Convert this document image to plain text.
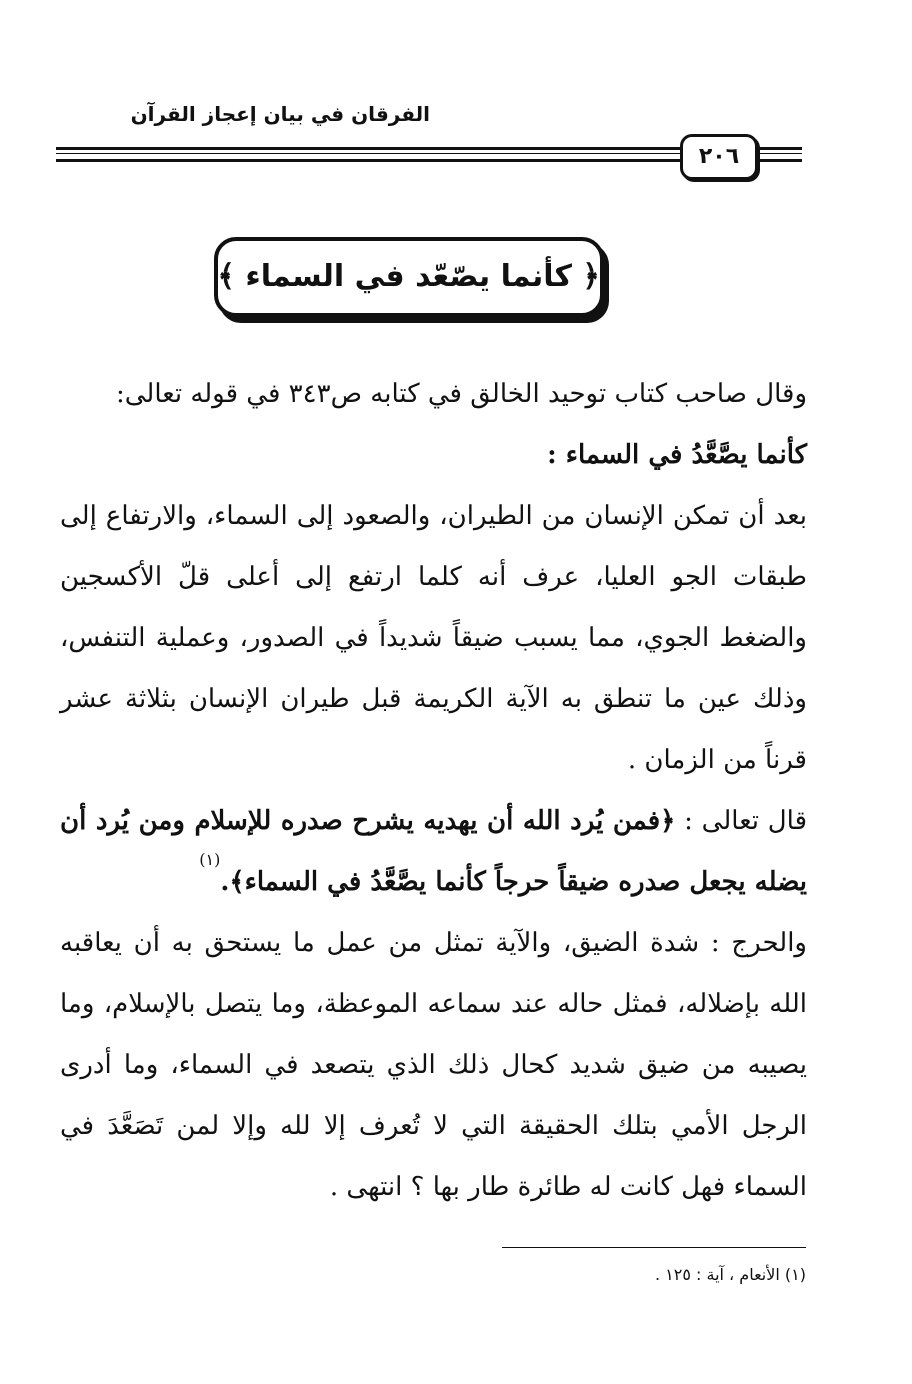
الفرقان في بيان إعجاز القرآن
٢٠٦
﴿ كأنما يصّعّد في السماء ﴾

وقال صاحب كتاب توحيد الخالق في كتابه ص٣٤٣ في قوله تعالى:

كأنما يصَّعَّدُ في السماء :

بعد أن تمكن الإنسان من الطيران، والصعود إلى السماء، والارتفاع إلى طبقات الجو العليا، عرف أنه كلما ارتفع إلى أعلى قلّ الأكسجين والضغط الجوي، مما يسبب ضيقاً شديداً في الصدور، وعملية التنفس، وذلك عين ما تنطق به الآية الكريمة قبل طيران الإنسان بثلاثة عشر قرناً من الزمان .

قال تعالى : ﴿فمن يُرد الله أن يهديه يشرح صدره للإسلام ومن يُرد أن يضله يجعل صدره ضيقاً حرجاً كأنما يصَّعَّدُ في السماء﴾.$^{(١)}$

والحرج : شدة الضيق، والآية تمثل من عمل ما يستحق به أن يعاقبه الله بإضلاله، فمثل حاله عند سماعه الموعظة، وما يتصل بالإسلام، وما يصيبه من ضيق شديد كحال ذلك الذي يتصعد في السماء، وما أدرى الرجل الأمي بتلك الحقيقة التي لا تُعرف إلا لله وإلا لمن تَصَعَّدَ في السماء فهل كانت له طائرة طار بها ؟ انتهى .

(١) الأنعام ، آية : ١٢٥ .
